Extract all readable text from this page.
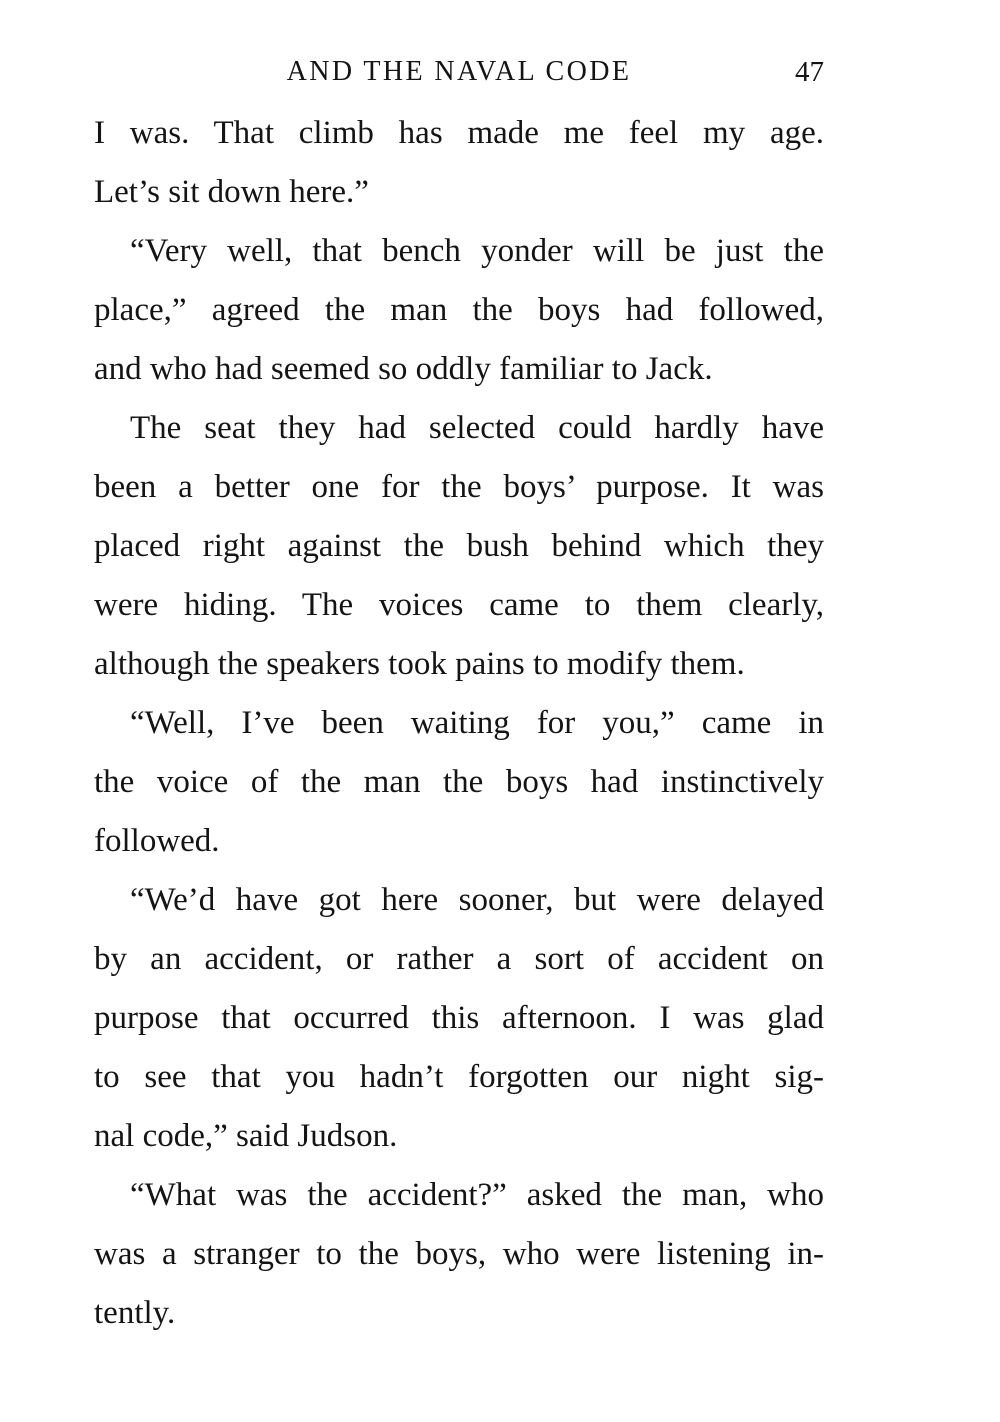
AND THE NAVAL CODE	47
I was. That climb has made me feel my age.
Let’s sit down here.”
“Very well, that bench yonder will be just the
place,” agreed the man the boys had followed,
and who had seemed so oddly familiar to Jack.
The seat they had selected could hardly have
been a better one for the boys’ purpose. It was
placed right against the bush behind which they
were hiding. The voices came to them clearly,
although the speakers took pains to modify them.
“Well, I’ve been waiting for you,” came in
the voice of the man the boys had instinctively
followed.
“We’d have got here sooner, but were delayed
by an accident, or rather a sort of accident on
purpose that occurred this afternoon. I was glad
to see that you hadn’t forgotten our night sig-
nal code,” said Judson.
“What was the accident?” asked the man, who
was a stranger to the boys, who were listening in-
tently.
